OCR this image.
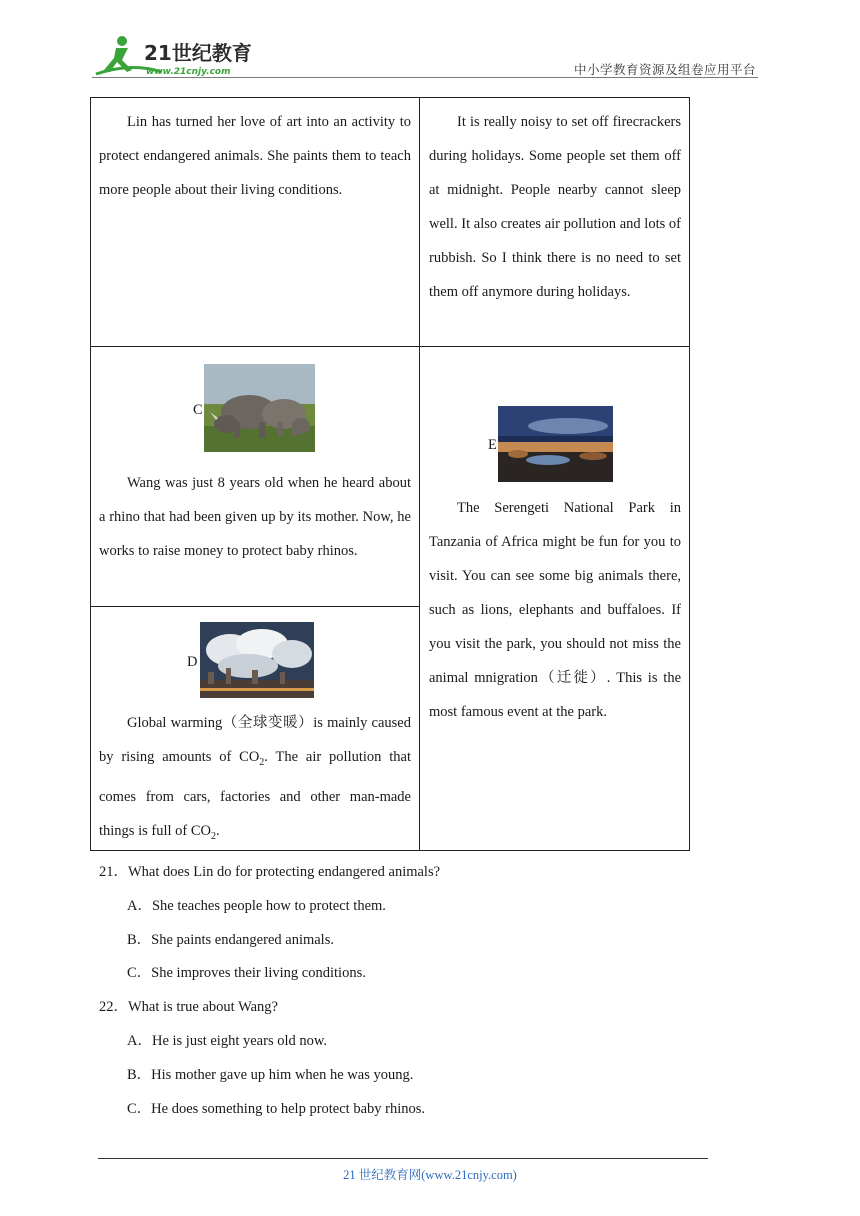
21世纪教育
www.21cnjy.com	中小学教育资源及组卷应用平台
Lin has turned her love of art into an activity to protect endangered animals. She paints them to teach more people about their living conditions.
It is really noisy to set off firecrackers during holidays. Some people set them off at midnight. People nearby cannot sleep well. It also creates air pollution and lots of rubbish. So I think there is no need to set them off anymore during holidays.
C
Wang was just 8 years old when he heard about a rhino that had been given up by its mother. Now, he works to raise money to protect baby rhinos.
D
Global warming（全球变暖）is mainly caused by rising amounts of $CO_2$. The air pollution that comes from cars, factories and other man-made things is full of $CO_2$.
E
The Serengeti National Park in Tanzania of Africa might be fun for you to visit. You can see some big animals there, such as lions, elephants and buffaloes. If you visit the park, you should not miss the animal mnigration（迁徙）. This is the most famous event at the park.
21．What does Lin do for protecting endangered animals?
A．She teaches people how to protect them.
B．She paints endangered animals.
C．She improves their living conditions.
22．What is true about Wang?
A．He is just eight years old now.
B．His mother gave up him when he was young.
C．He does something to help protect baby rhinos.
21 世纪教育网(www.21cnjy.com)
